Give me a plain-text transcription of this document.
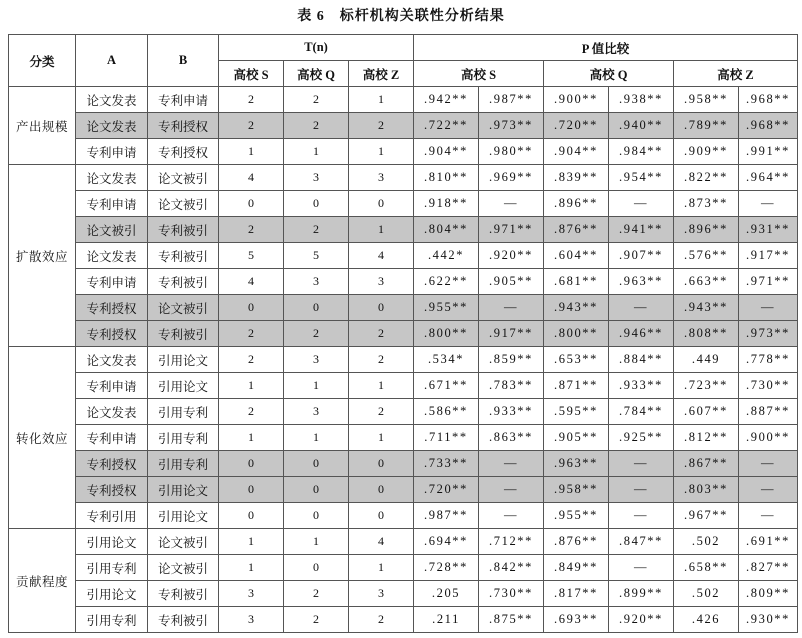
表 6　标杆机构关联性分析结果
分类	A	B	T(n)			P 值比较					
			高校 S	高校 Q	高校 Z	高校 S		高校 Q		高校 Z	
产出规模	论文发表	专利申请	2	2	1	.942**	.987**	.900**	.938**	.958**	.968**
	论文发表	专利授权	2	2	2	.722**	.973**	.720**	.940**	.789**	.968**
	专利申请	专利授权	1	1	1	.904**	.980**	.904**	.984**	.909**	.991**
扩散效应	论文发表	论文被引	4	3	3	.810**	.969**	.839**	.954**	.822**	.964**
	专利申请	论文被引	0	0	0	.918**	—	.896**	—	.873**	—
	论文被引	专利被引	2	2	1	.804**	.971**	.876**	.941**	.896**	.931**
	论文发表	专利被引	5	5	4	.442*	.920**	.604**	.907**	.576**	.917**
	专利申请	专利被引	4	3	3	.622**	.905**	.681**	.963**	.663**	.971**
	专利授权	论文被引	0	0	0	.955**	—	.943**	—	.943**	—
	专利授权	专利被引	2	2	2	.800**	.917**	.800**	.946**	.808**	.973**
转化效应	论文发表	引用论文	2	3	2	.534*	.859**	.653**	.884**	.449	.778**
	专利申请	引用论文	1	1	1	.671**	.783**	.871**	.933**	.723**	.730**
	论文发表	引用专利	2	3	2	.586**	.933**	.595**	.784**	.607**	.887**
	专利申请	引用专利	1	1	1	.711**	.863**	.905**	.925**	.812**	.900**
	专利授权	引用专利	0	0	0	.733**	—	.963**	—	.867**	—
	专利授权	引用论文	0	0	0	.720**	—	.958**	—	.803**	—
	专利引用	引用论文	0	0	0	.987**	—	.955**	—	.967**	—
贡献程度	引用论文	论文被引	1	1	4	.694**	.712**	.876**	.847**	.502	.691**
	引用专利	论文被引	1	0	1	.728**	.842**	.849**	—	.658**	.827**
	引用论文	专利被引	3	2	3	.205	.730**	.817**	.899**	.502	.809**
	引用专利	专利被引	3	2	2	.211	.875**	.693**	.920**	.426	.930**
